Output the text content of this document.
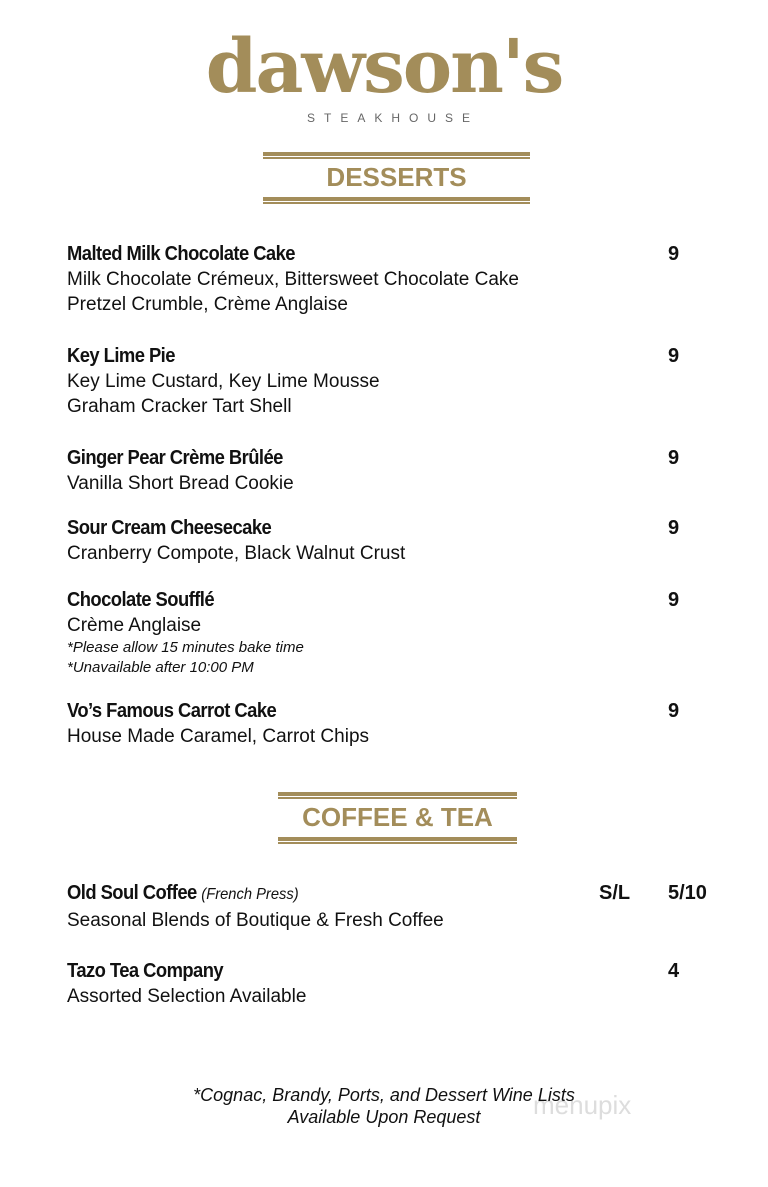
dawson's
STEAKHOUSE
DESSERTS
Malted Milk Chocolate Cake	9
Milk Chocolate Crémeux, Bittersweet Chocolate Cake
Pretzel Crumble, Crème Anglaise
Key Lime Pie	9
Key Lime Custard, Key Lime Mousse
Graham Cracker Tart Shell
Ginger Pear Crème Brûlée	9
Vanilla Short Bread Cookie
Sour Cream Cheesecake	9
Cranberry Compote, Black Walnut Crust
Chocolate Soufflé	9
Crème Anglaise
*Please allow 15 minutes bake time
*Unavailable after 10:00 PM
Vo’s Famous Carrot Cake	9
House Made Caramel, Carrot Chips
COFFEE & TEA
Old Soul Coffee (French Press)	S/L 5/10
Seasonal Blends of Boutique & Fresh Coffee
Tazo Tea Company	4
Assorted Selection Available
menupix
*Cognac, Brandy, Ports, and Dessert Wine Lists
Available Upon Request
